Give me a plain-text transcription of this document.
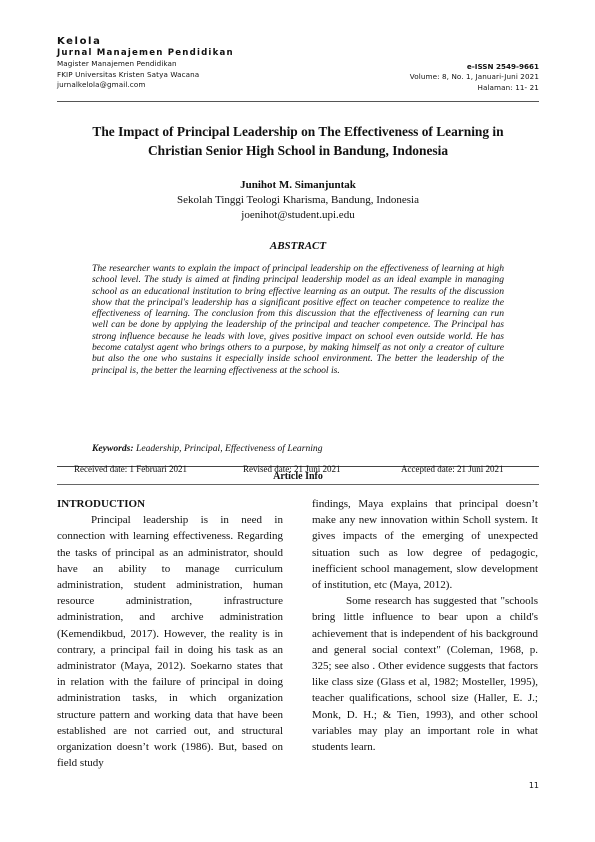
Kelola
Jurnal Manajemen Pendidikan
Magister Manajemen Pendidikan
FKIP Universitas Kristen Satya Wacana
jurnalkelola@gmail.com
e-ISSN 2549-9661
Volume: 8, No. 1, Januari-Juni 2021
Halaman: 11- 21
The Impact of Principal Leadership on The Effectiveness of Learning in
Christian Senior High School in Bandung, Indonesia
Junihot M. Simanjuntak
Sekolah Tinggi Teologi Kharisma, Bandung, Indonesia
joenihot@student.upi.edu
ABSTRACT
The researcher wants to explain the impact of principal leadership on the effectiveness of learning at high school level. The study is aimed at finding principal leadership model as an ideal example in managing school as an educational institution to bring effective learning as an output. The results of the discussion show that the principal's leadership has a significant positive effect on teacher competence to realize the effectiveness of learning. The conclusion from this discussion that the effectiveness of learning can run well can be done by applying the leadership of the principal and teacher competence. The Principal has strong influence because he leads with love, gives positive impact on school even outside world. He has become catalyst agent who brings others to a purpose, by making himself as not only a creator of culture but also the one who sustains it especially inside school environment. The better the leadership of the principal is, the better the learning effectiveness at the school is.
Keywords: Leadership, Principal, Effectiveness of Learning
Article Info
Received date: 1 Februari 2021	Revised date: 21 Juni 2021	Accepted date: 21 Juni 2021

INTRODUCTION

Principal leadership is in need in connection with learning effectiveness. Regarding the tasks of principal as an administrator, should have an ability to manage curriculum administration, student administration, human resource administration, infrastructure administration, and archive administration (Kemendikbud, 2017). However, the reality is in contrary, a principal fail in doing his task as an administrator (Maya, 2012). Soekarno states that in relation with the failure of principal in doing administration tasks, in which organization structure pattern and working data that have been established are not carried out, and structural organization doesn’t work (1986). But, based on field study

findings, Maya explains that principal doesn’t make any new innovation within Scholl system. It gives impacts of the emerging of unexpected situation such as low degree of pedagogic, inefficient school management, slow development of institution, etc (Maya, 2012).

Some research has suggested that "schools bring little influence to bear upon a child's achievement that is independent of his background and general social context" (Coleman, 1968, p. 325; see also . Other evidence suggests that factors like class size (Glass et al, 1982; Mosteller, 1995), teacher qualifications, school size (Haller, E. J.; Monk, D. H.; & Tien, 1993), and other school variables may play an important role in what students learn.

11
